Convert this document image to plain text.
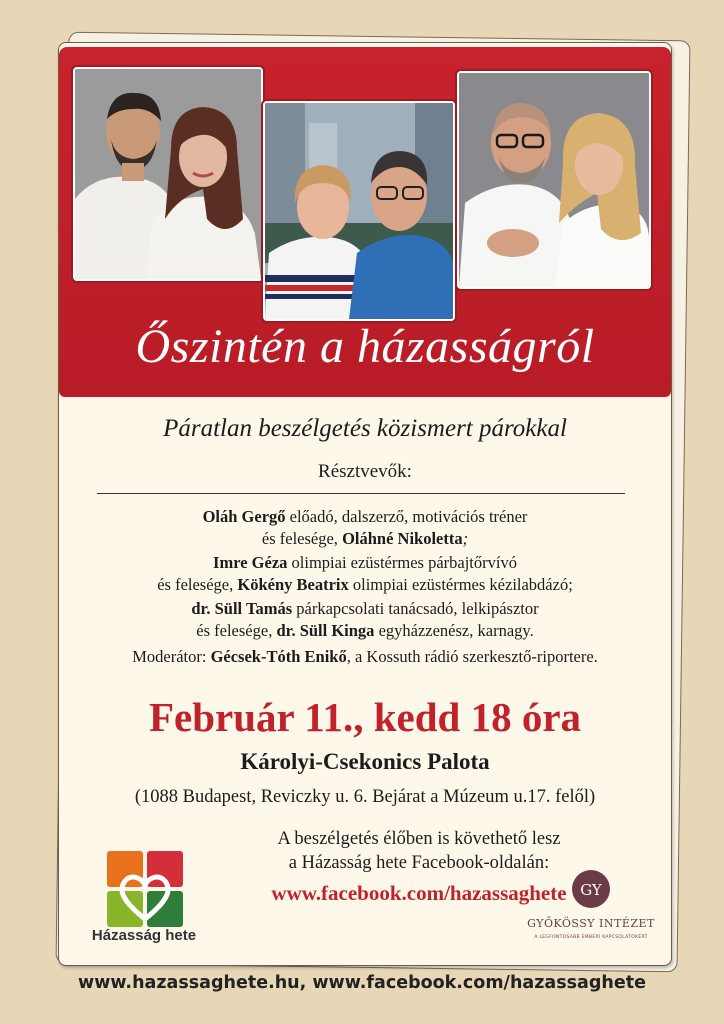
Őszintén a házasságról
Páratlan beszélgetés közismert párokkal
Résztvevők:
Oláh Gergő előadó, dalszerző, motivációs tréner
és felesége, Oláhné Nikoletta;
Imre Géza olimpiai ezüstérmes párbajtőrvívó
és felesége, Kökény Beatrix olimpiai ezüstérmes kézilabdázó;
dr. Süll Tamás párkapcsolati tanácsadó, lelkipásztor
és felesége, dr. Süll Kinga egyházzenész, karnagy.
Moderátor: Gécsek-Tóth Enikő, a Kossuth rádió szerkesztő-riportere.
Február 11., kedd 18 óra
Károlyi-Csekonics Palota
(1088 Budapest, Reviczky u. 6. Bejárat a Múzeum u.17. felől)
A beszélgetés élőben is követhető lesz
a Házasság hete Facebook-oldalán:
www.facebook.com/hazassaghete
Házasság hete
GY
GYŐKÖSSY INTÉZET
A LEGFONTOSABB EMBERI KAPCSOLATOKÉRT
www.hazassaghete.hu, www.facebook.com/hazassaghete
